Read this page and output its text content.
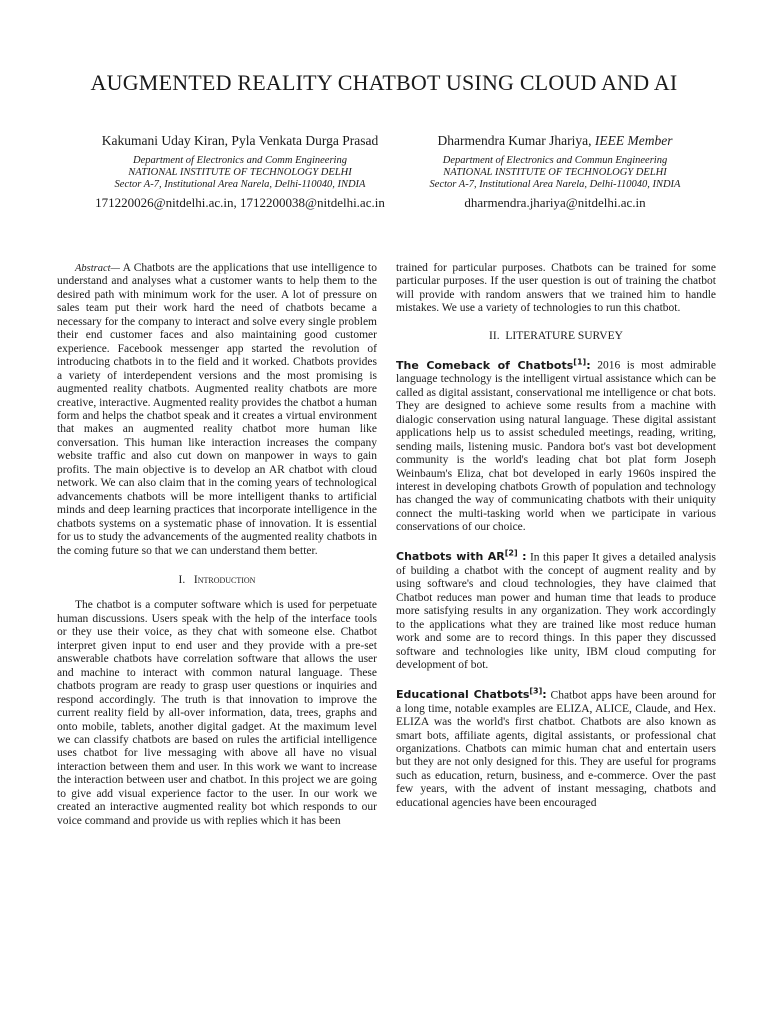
AUGMENTED REALITY CHATBOT USING CLOUD AND AI
Kakumani Uday Kiran, Pyla Venkata Durga Prasad
Department of Electronics and Comm Engineering
NATIONAL INSTITUTE OF TECHNOLOGY DELHI
Sector A-7, Institutional Area Narela, Delhi-110040, INDIA
171220026@nitdelhi.ac.in, 1712200038@nitdelhi.ac.in
Dharmendra Kumar Jhariya, IEEE Member
Department of Electronics and Commun Engineering
NATIONAL INSTITUTE OF TECHNOLOGY DELHI
Sector A-7, Institutional Area Narela, Delhi-110040, INDIA
dharmendra.jhariya@nitdelhi.ac.in

Abstract— A Chatbots are the applications that use intelligence to understand and analyses what a customer wants to help them to the desired path with minimum work for the user. A lot of pressure on sales team put their work hard the need of chatbots became a necessary for the company to interact and solve every single problem their end customer faces and also maintaining good customer experience. Facebook messenger app started the revolution of introducing chatbots in to the field and it worked. Chatbots provides a variety of interdependent versions and the most promising is augmented reality chatbots. Augmented reality chatbots are more creative, interactive. Augmented reality provides the chatbot a human form and helps the chatbot speak and it creates a virtual environment that makes an augmented reality chatbot more human like conversation. This human like interaction increases the company website traffic and also cut down on manpower in ways to gain profits. The main objective is to develop an AR chatbot with cloud network. We can also claim that in the coming years of technological advancements chatbots will be more intelligent thanks to artificial minds and deep learning practices that incorporate intelligence in the chatbots systems on a systematic phase of innovation. It is essential for us to study the advancements of the augmented reality chatbots in the coming future so that we can understand them better.

I. Introduction

The chatbot is a computer software which is used for perpetuate human discussions. Users speak with the help of the interface tools or they use their voice, as they chat with someone else. Chatbot interpret given input to end user and they provide with a pre-set answerable chatbots have correlation software that allows the user and machine to interact with common natural language. These chatbots program are ready to grasp user questions or inquiries and respond accordingly. The truth is that innovation to improve the current reality field by all-over information, data, trees, graphs and onto mobile, tablets, another digital gadget. At the maximum level we can classify chatbots are based on rules the artificial intelligence uses chatbot for live messaging with above all have no visual interaction between them and user. In this work we want to increase the interaction between user and chatbot. In this project we are going to give add visual experience factor to the user. In our work we created an interactive augmented reality bot which responds to our voice command and provide us with replies which it has been

trained for particular purposes. Chatbots can be trained for some particular purposes. If the user question is out of training the chatbot will provide with random answers that we trained him to handle mistakes. We use a variety of technologies to run this chatbot.

II. LITERATURE SURVEY

The Comeback of Chatbots[1]: 2016 is most admirable language technology is the intelligent virtual assistance which can be called as digital assistant, conservational me intelligence or chat bots. They are designed to achieve some results from a machine with dialogic conservation using natural language. These digital assistant applications help us to assist scheduled meetings, reading, writing, sending mails, listening music. Pandora bot's vast bot development community is the world's leading chat bot plat form Joseph Weinbaum's Eliza, chat bot developed in early 1960s inspired the interest in developing chatbots Growth of population and technology has changed the way of communicating chatbots with their uniquity connect the multi-tasking world when we participate in various conservations of our choice.

Chatbots with AR[2] : In this paper It gives a detailed analysis of building a chatbot with the concept of augment reality and by using software's and cloud technologies, they have claimed that Chatbot reduces man power and human time that leads to produce more satisfying results in any organization. They work accordingly to the applications what they are trained like most reduce human work and some are to record things. In this paper they discussed software and technologies like unity, IBM cloud computing for development of bot.

Educational Chatbots[3]: Chatbot apps have been around for a long time, notable examples are ELIZA, ALICE, Claude, and Hex. ELIZA was the world's first chatbot. Chatbots are also known as smart bots, affiliate agents, digital assistants, or professional chat organizations. Chatbots can mimic human chat and entertain users but they are not only designed for this. They are useful for programs such as education, return, business, and e-commerce. Over the past few years, with the advent of instant messaging, chatbots and educational agencies have been encouraged
